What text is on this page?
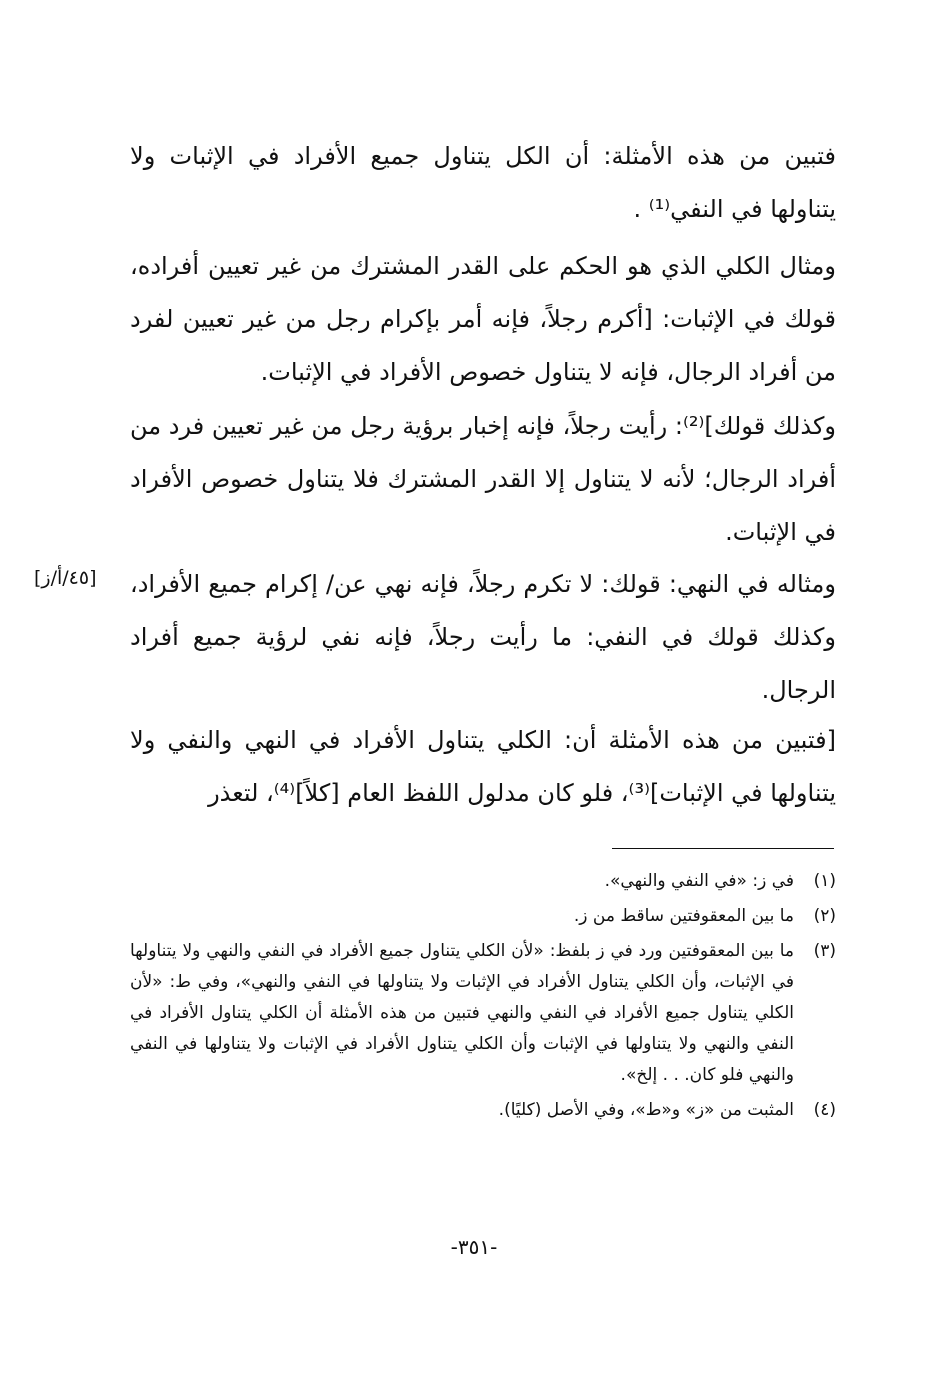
فتبين من هذه الأمثلة: أن الكل يتناول جميع الأفراد في الإثبات ولا يتناولها في النفي⁽¹⁾ .

ومثال الكلي الذي هو الحكم على القدر المشترك من غير تعيين أفراده، قولك في الإثبات: [أكرم رجلاً، فإنه أمر بإكرام رجل من غير تعيين لفرد من أفراد الرجال، فإنه لا يتناول خصوص الأفراد في الإثبات.

وكذلك قولك]⁽²⁾: رأيت رجلاً، فإنه إخبار برؤية رجل من غير تعيين فرد من أفراد الرجال؛ لأنه لا يتناول إلا القدر المشترك فلا يتناول خصوص الأفراد في الإثبات.

ومثاله في النهي: قولك: لا تكرم رجلاً، فإنه نهي عن/ إكرام جميع الأفراد، وكذلك قولك في النفي: ما رأيت رجلاً، فإنه نفي لرؤية جميع أفراد الرجال.

[فتبين من هذه الأمثلة أن: الكلي يتناول الأفراد في النهي والنفي ولا يتناولها في الإثبات]⁽³⁾، فلو كان مدلول اللفظ العام [كلاً]⁽⁴⁾، لتعذر

[٤٥/أ/ز]

(١)
في ز: «في النفي والنهي».

(٢)
ما بين المعقوفتين ساقط من ز.

(٣)
ما بين المعقوفتين ورد في ز بلفظ: «لأن الكلي يتناول جميع الأفراد في النفي والنهي ولا يتناولها في الإثبات، وأن الكلي يتناول الأفراد في الإثبات ولا يتناولها في النفي والنهي»، وفي ط: «لأن الكلي يتناول جميع الأفراد في النفي والنهي فتبين من هذه الأمثلة أن الكلي يتناول الأفراد في النفي والنهي ولا يتناولها في الإثبات وأن الكلي يتناول الأفراد في الإثبات ولا يتناولها في النفي والنهي فلو كان. . . إلخ».

(٤)
المثبت من «ز» و«ط»، وفي الأصل (كليًا).

-٣٥١-
